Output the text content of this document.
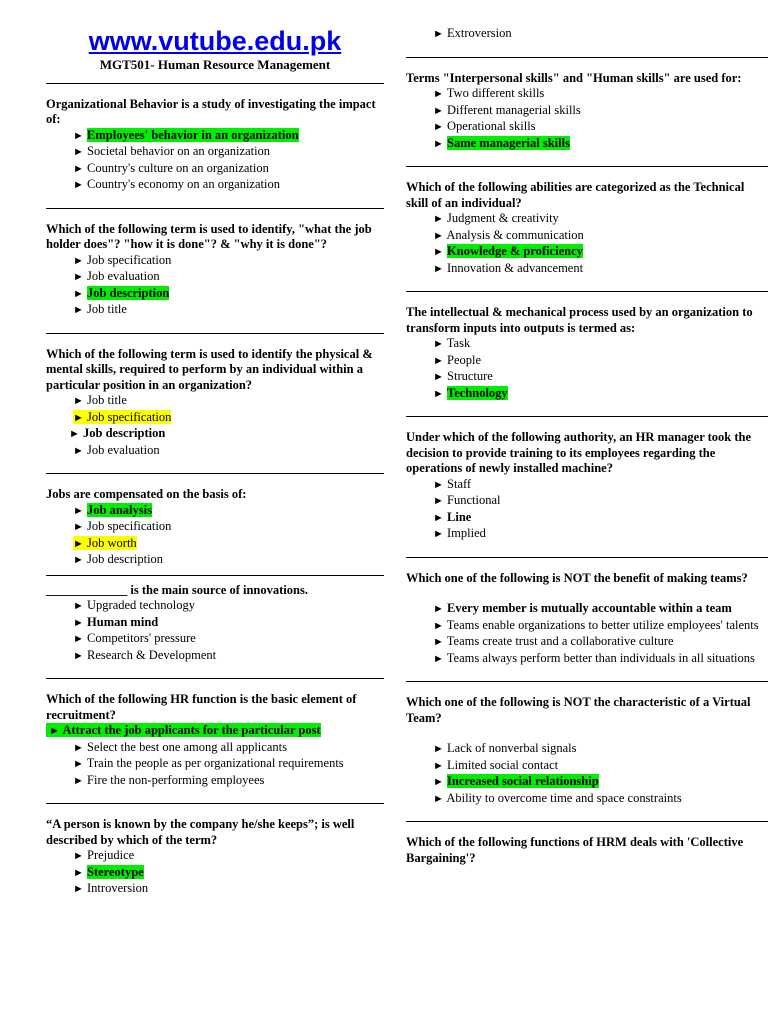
www.vutube.edu.pk
MGT501- Human Resource Management
Organizational Behavior is a study of investigating the impact of:
► Employees' behavior in an organization
► Societal behavior on an organization
► Country's culture on an organization
► Country's economy on an organization
Which of the following term is used to identify, "what the job holder does"? "how it is done"? & "why it is done"?
► Job specification
► Job evaluation
► Job description
► Job title
Which of the following term is used to identify the physical & mental skills, required to perform by an individual within a particular position in an organization?
► Job title
► Job specification
► Job description
► Job evaluation
Jobs are compensated on the basis of:
► Job analysis
► Job specification
► Job worth
► Job description
_____________ is the main source of innovations.
► Upgraded technology
► Human mind
► Competitors' pressure
► Research & Development
Which of the following HR function is the basic element of recruitment?
► Attract the job applicants for the particular post
► Select the best one among all applicants
► Train the people as per organizational requirements
► Fire the non-performing employees
“A person is known by the company he/she keeps”; is well described by which of the term?
► Prejudice
► Stereotype
► Introversion
► Extroversion
Terms "Interpersonal skills" and "Human skills" are used for:
► Two different skills
► Different managerial skills
► Operational skills
► Same managerial skills
Which of the following abilities are categorized as the Technical skill of an individual?
► Judgment & creativity
► Analysis & communication
► Knowledge & proficiency
► Innovation & advancement
The intellectual & mechanical process used by an organization to transform inputs into outputs is termed as:
► Task
► People
► Structure
► Technology
Under which of the following authority, an HR manager took the decision to provide training to its employees regarding the operations of newly installed machine?
► Staff
► Functional
► Line
► Implied
Which one of the following is NOT the benefit of making teams?
► Every member is mutually accountable within a team
► Teams enable organizations to better utilize employees' talents
► Teams create trust and a collaborative culture
► Teams always perform better than individuals in all situations
Which one of the following is NOT the characteristic of a Virtual Team?
► Lack of nonverbal signals
► Limited social contact
► Increased social relationship
► Ability to overcome time and space constraints
Which of the following functions of HRM deals with 'Collective Bargaining'?
